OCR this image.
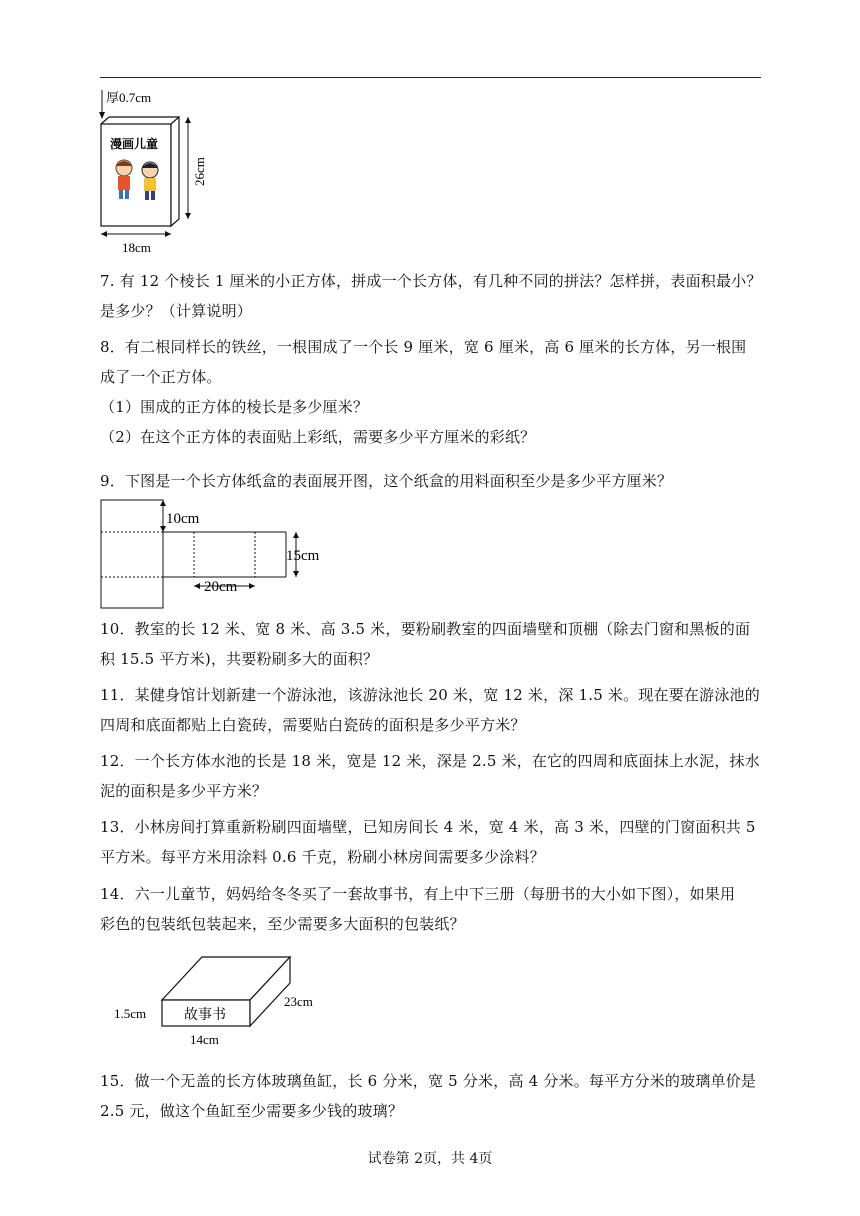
厚0.7cm
漫画儿童
26cm
18cm
7. 有 12 个棱长 1 厘米的小正方体，拼成一个长方体，有几种不同的拼法？怎样拼，表面积最小？
是多少？（计算说明）
8．有二根同样长的铁丝，一根围成了一个长 9 厘米，宽 6 厘米，高 6 厘米的长方体，另一根围
成了一个正方体。
（1）围成的正方体的棱长是多少厘米？
（2）在这个正方体的表面贴上彩纸，需要多少平方厘米的彩纸？
9．下图是一个长方体纸盒的表面展开图，这个纸盒的用料面积至少是多少平方厘米？
10cm
15cm
20cm
10．教室的长 12 米、宽 8 米、高 3.5 米，要粉刷教室的四面墙壁和顶棚（除去门窗和黑板的面
积 15.5 平方米)，共要粉刷多大的面积？
11．某健身馆计划新建一个游泳池，该游泳池长 20 米，宽 12 米，深 1.5 米。现在要在游泳池的
四周和底面都贴上白瓷砖，需要贴白瓷砖的面积是多少平方米？
12．一个长方体水池的长是 18 米，宽是 12 米，深是 2.5 米，在它的四周和底面抹上水泥，抹水
泥的面积是多少平方米？
13．小林房间打算重新粉刷四面墙壁，已知房间长 4 米，宽 4 米，高 3 米，四壁的门窗面积共 5
平方米。每平方米用涂料 0.6 千克，粉刷小林房间需要多少涂料？
14．六一儿童节，妈妈给冬冬买了一套故事书，有上中下三册（每册书的大小如下图），如果用
彩色的包装纸包装起来，至少需要多大面积的包装纸？
故事书
1.5cm
23cm
14cm
15．做一个无盖的长方体玻璃鱼缸，长 6 分米，宽 5 分米，高 4 分米。每平方分米的玻璃单价是
2.5 元，做这个鱼缸至少需要多少钱的玻璃？
试卷第 2页，共 4页
